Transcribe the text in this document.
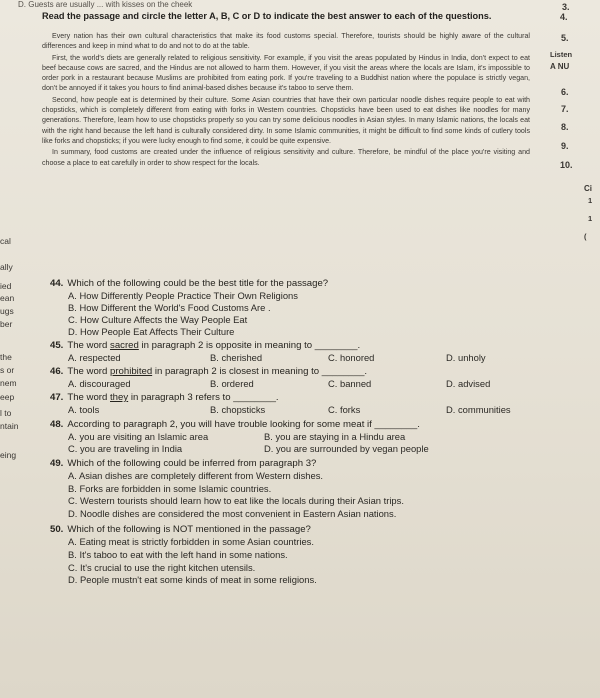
D. Guests are usually ... with kisses on the cheek
Read the passage and circle the letter A, B, C or D to indicate the best answer to each of the questions.

Every nation has their own cultural characteristics that make its food customs special. Therefore, tourists should be highly aware of the cultural differences and keep in mind what to do and not to do at the table.

First, the world's diets are generally related to religious sensitivity. For example, if you visit the areas populated by Hindus in India, don't expect to eat beef because cows are sacred, and the Hindus are not allowed to harm them. However, if you visit the areas where the locals are Islam, it's impossible to order pork in a restaurant because Muslims are prohibited from eating pork. If you're traveling to a Buddhist nation where the populace is strictly vegan, don't be annoyed if it takes you hours to find animal-based dishes because it's taboo to serve them.

Second, how people eat is determined by their culture. Some Asian countries that have their own particular noodle dishes require people to eat with chopsticks, which is completely different from eating with forks in Western countries. Chopsticks have been used to eat dishes like noodles for many generations. Therefore, learn how to use chopsticks properly so you can try some delicious noodles in Asian styles. In many Islamic nations, the locals eat with the right hand because the left hand is culturally considered dirty. In some Islamic communities, it might be difficult to find some kinds of cutlery tools like forks and chopsticks; if you were lucky enough to find some, it could be quite expensive.

In summary, food customs are created under the influence of religious sensitivity and culture. Therefore, be mindful of the place you're visiting and choose a place to eat carefully in order to show respect for the locals.

cal
ally
ied
ean
ugs
ber
the
s or
nem
eep
l to
ntain
eing
3.
4.
5.
Listen
A NU
6.
7.
8.
9.
10.
Ci
1
1
(
44. Which of the following could be the best title for the passage?
A. How Differently People Practice Their Own Religions
B. How Different the World's Food Customs Are .
C. How Culture Affects the Way People Eat
D. How People Eat Affects Their Culture
45. The word sacred in paragraph 2 is opposite in meaning to ________.
A. respected	B. cherished	C. honored	D. unholy
46. The word prohibited in paragraph 2 is closest in meaning to ________.
A. discouraged	B. ordered	C. banned	D. advised
47. The word they in paragraph 3 refers to ________.
A. tools	B. chopsticks	C. forks	D. communities
48. According to paragraph 2, you will have trouble looking for some meat if ________.
A. you are visiting an Islamic area	B. you are staying in a Hindu area
C. you are traveling in India	D. you are surrounded by vegan people
49. Which of the following could be inferred from paragraph 3?
A. Asian dishes are completely different from Western dishes.
B. Forks are forbidden in some Islamic countries.
C. Western tourists should learn how to eat like the locals during their Asian trips.
D. Noodle dishes are considered the most convenient in Eastern Asian nations.
50. Which of the following is NOT mentioned in the passage?
A. Eating meat is strictly forbidden in some Asian countries.
B. It's taboo to eat with the left hand in some nations.
C. It's crucial to use the right kitchen utensils.
D. People mustn't eat some kinds of meat in some religions.
